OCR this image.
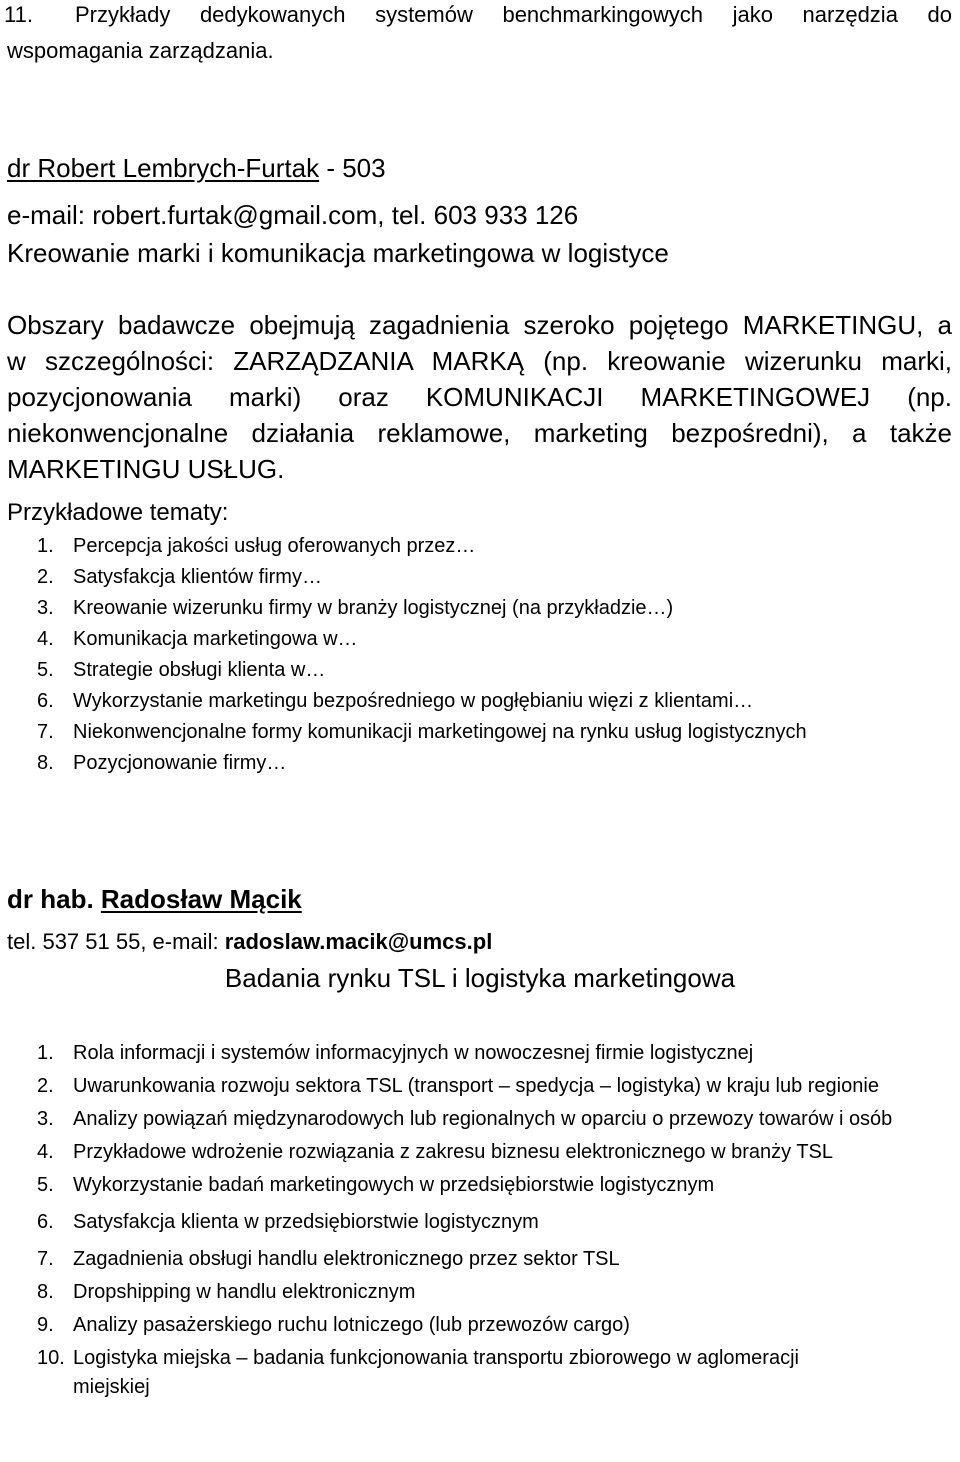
11.	Przykłady dedykowanych systemów benchmarkingowych jako narzędzia do
wspomagania zarządzania.
dr Robert Lembrych-Furtak - 503
e-mail: robert.furtak@gmail.com, tel. 603 933 126
Kreowanie marki i komunikacja marketingowa w logistyce
Obszary badawcze obejmują zagadnienia szeroko pojętego MARKETINGU, a
w szczególności: ZARZĄDZANIA MARKĄ (np. kreowanie wizerunku marki,
pozycjonowania marki) oraz KOMUNIKACJI MARKETINGOWEJ (np.
niekonwencjonalne działania reklamowe, marketing bezpośredni), a także
MARKETINGU USŁUG.
Przykładowe tematy:
1. Percepcja jakości usług oferowanych przez…
2. Satysfakcja klientów firmy…
3. Kreowanie wizerunku firmy w branży logistycznej (na przykładzie…)
4. Komunikacja marketingowa w…
5. Strategie obsługi klienta w…
6. Wykorzystanie marketingu bezpośredniego w pogłębianiu więzi z klientami…
7. Niekonwencjonalne formy komunikacji marketingowej na rynku usług logistycznych
8. Pozycjonowanie firmy…
dr hab. Radosław Mącik
tel. 537 51 55, e-mail: radoslaw.macik@umcs.pl
Badania rynku TSL i logistyka marketingowa
1. Rola informacji i systemów informacyjnych w nowoczesnej firmie logistycznej
2. Uwarunkowania rozwoju sektora TSL (transport – spedycja – logistyka) w kraju lub regionie
3. Analizy powiązań międzynarodowych lub regionalnych w oparciu o przewozy towarów i osób
4. Przykładowe wdrożenie rozwiązania z zakresu biznesu elektronicznego w branży TSL
5. Wykorzystanie badań marketingowych w przedsiębiorstwie logistycznym
6. Satysfakcja klienta w przedsiębiorstwie logistycznym
7. Zagadnienia obsługi handlu elektronicznego przez sektor TSL
8. Dropshipping w handlu elektronicznym
9. Analizy pasażerskiego ruchu lotniczego (lub przewozów cargo)
10. Logistyka miejska – badania funkcjonowania transportu zbiorowego w aglomeracji miejskiej
